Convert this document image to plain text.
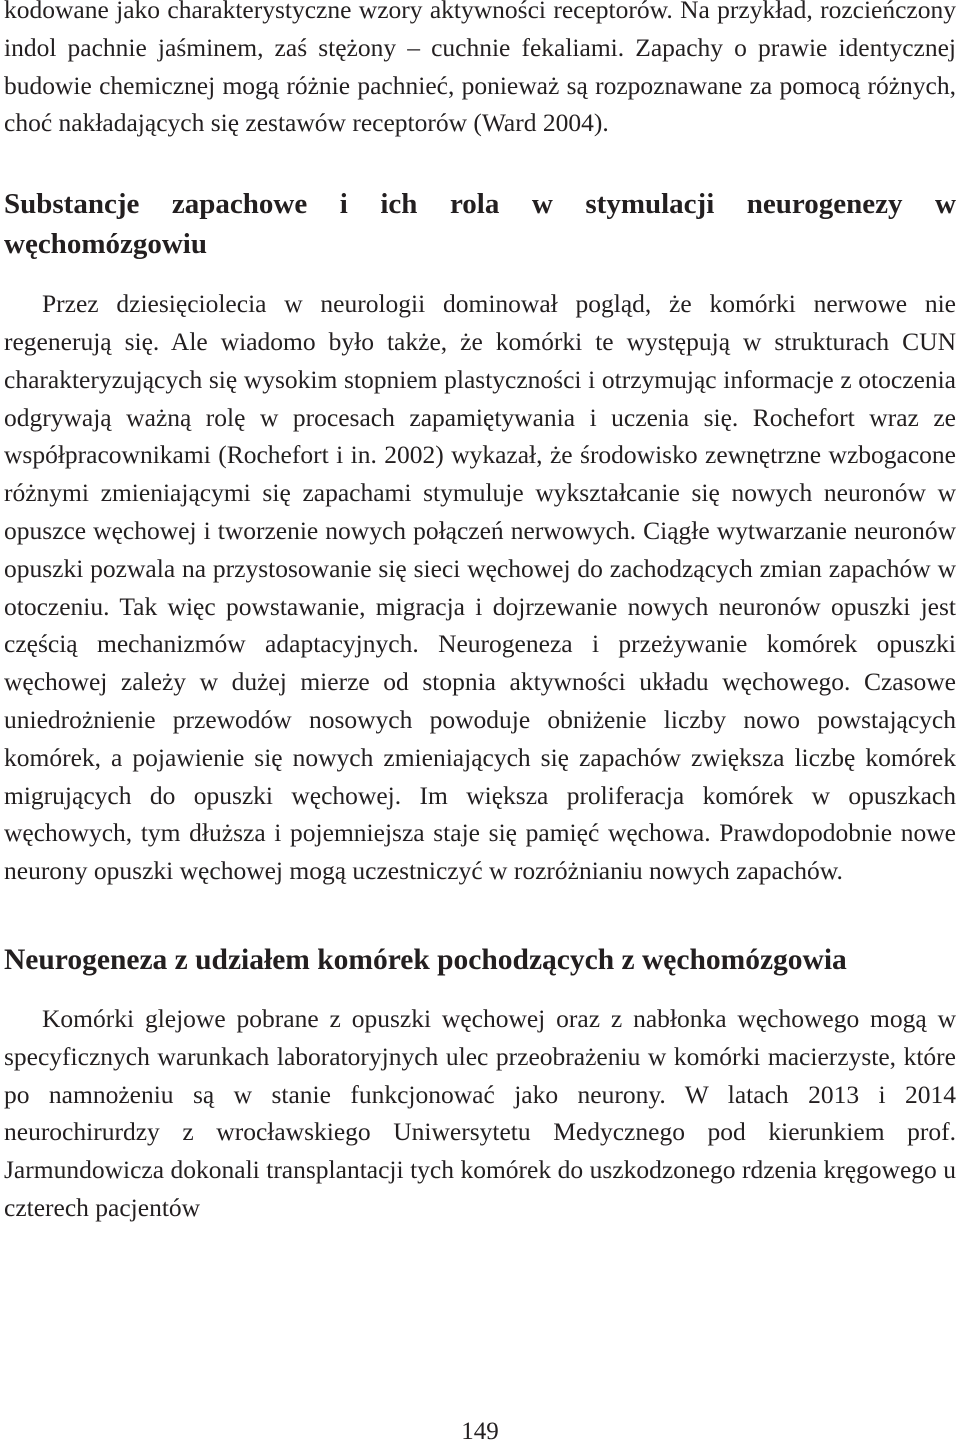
kodowane jako charakterystyczne wzory aktywności receptorów. Na przykład, rozcieńczony indol pachnie jaśminem, zaś stężony – cuchnie fekaliami. Zapachy o prawie identycznej budowie chemicznej mogą różnie pachnieć, ponieważ są rozpoznawane za pomocą różnych, choć nakładających się zestawów receptorów (Ward 2004).

Substancje zapachowe i ich rola w stymulacji neurogenezy w węchomózgowiu

Przez dziesięciolecia w neurologii dominował pogląd, że komórki nerwowe nie regenerują się. Ale wiadomo było także, że komórki te występują w strukturach CUN charakteryzujących się wysokim stopniem plastyczności i otrzymując informacje z otoczenia odgrywają ważną rolę w procesach zapamiętywania i uczenia się. Rochefort wraz ze współpracownikami (Rochefort i in. 2002) wykazał, że środowisko zewnętrzne wzbogacone różnymi zmieniającymi się zapachami stymuluje wykształcanie się nowych neuronów w opuszce węchowej i tworzenie nowych połączeń nerwowych. Ciągłe wytwarzanie neuronów opuszki pozwala na przystosowanie się sieci węchowej do zachodzących zmian zapachów w otoczeniu. Tak więc powstawanie, migracja i dojrzewanie nowych neuronów opuszki jest częścią mechanizmów adaptacyjnych. Neurogeneza i przeżywanie komórek opuszki węchowej zależy w dużej mierze od stopnia aktywności układu węchowego. Czasowe uniedrożnienie przewodów nosowych powoduje obniżenie liczby nowo powstających komórek, a pojawienie się nowych zmieniających się zapachów zwiększa liczbę komórek migrujących do opuszki węchowej. Im większa proliferacja komórek w opuszkach węchowych, tym dłuższa i pojemniejsza staje się pamięć węchowa. Prawdopodobnie nowe neurony opuszki węchowej mogą uczestniczyć w rozróżnianiu nowych zapachów.

Neurogeneza z udziałem komórek pochodzących z węchomózgowia

Komórki glejowe pobrane z opuszki węchowej oraz z nabłonka węchowego mogą w specyficznych warunkach laboratoryjnych ulec przeobrażeniu w komórki macierzyste, które po namnożeniu są w stanie funkcjonować jako neurony. W latach 2013 i 2014 neurochirurdzy z wrocławskiego Uniwersytetu Medycznego pod kierunkiem prof. Jarmundowicza dokonali transplantacji tych komórek do uszkodzonego rdzenia kręgowego u czterech pacjentów

149
